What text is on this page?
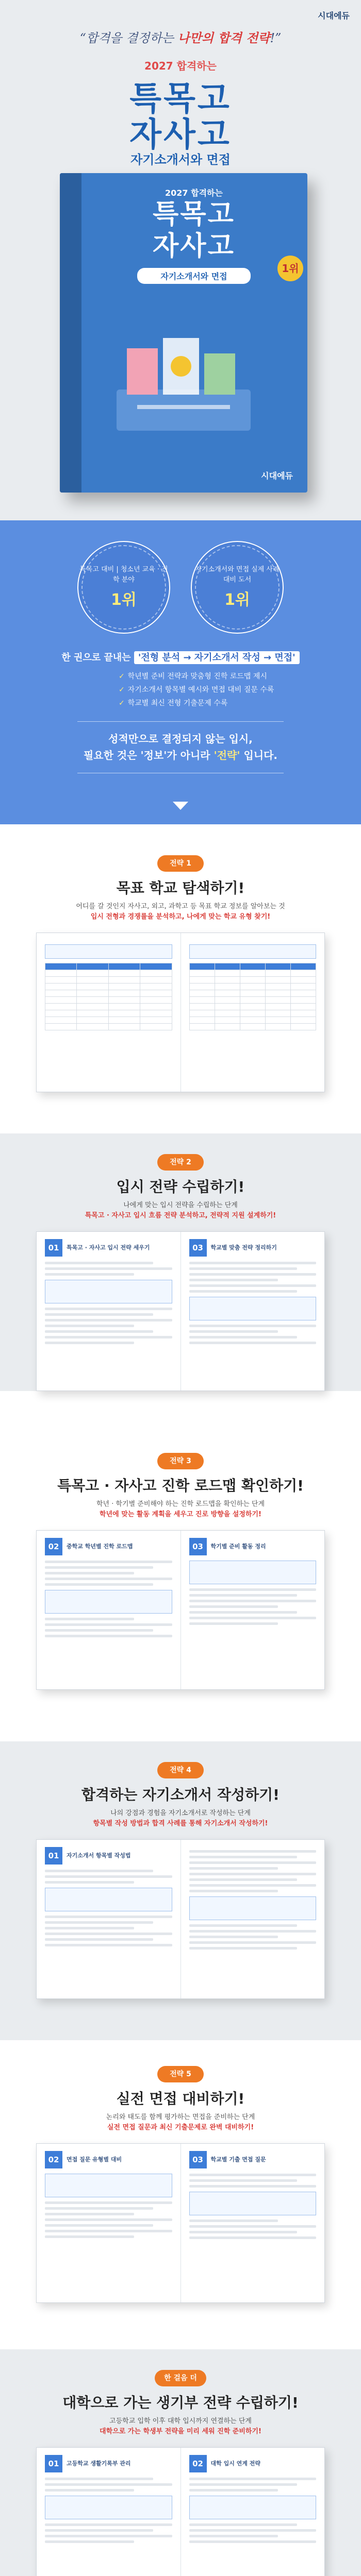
시대에듀
“합격을 결정하는 나만의 합격 전략!”
2027 합격하는
특목고
자사고
자기소개서와 면접
2027 합격하는
특목고
자사고
자기소개서와 면접
1위
시대에듀
특목고 대비 | 청소년 교육 · 진학 분야
1위
자기소개서와 면접 실제 사례 대비 도서
1위
한 권으로 끝내는 '전형 분석 → 자기소개서 작성 → 면접'
✓ 학년별 준비 전략과 맞춤형 진학 로드맵 제시
✓ 자기소개서 항목별 예시와 면접 대비 질문 수록
✓ 학교별 최신 전형 기출문제 수록
성적만으로 결정되지 않는 입시,
필요한 것은 '정보'가 아니라 '전략' 입니다.
전략 1
목표 학교 탐색하기!
어디를 갈 것인지 자사고, 외고, 과학고 등 목표 학교 정보를 알아보는 것
입시 전형과 경쟁률을 분석하고, 나에게 맞는 학교 유형 찾기!

전략 2
입시 전략 수립하기!
나에게 맞는 입시 전략을 수립하는 단계
특목고 · 자사고 입시 흐름 전략 분석하고, 전략적 지원 설계하기!
01	특목고 · 자사고 입시 전략 세우기	03	학교별 맞춤 전략 정리하기
전략 3
특목고 · 자사고 진학 로드맵 확인하기!
학년 · 학기별 준비해야 하는 진학 로드맵을 확인하는 단계
학년에 맞는 활동 계획을 세우고 진로 방향을 설정하기!
02	중학교 학년별 진학 로드맵	03	학기별 준비 활동 정리
전략 4
합격하는 자기소개서 작성하기!
나의 강점과 경험을 자기소개서로 작성하는 단계
항목별 작성 방법과 합격 사례를 통해 자기소개서 작성하기!
01	자기소개서 항목별 작성법
전략 5
실전 면접 대비하기!
논리와 태도를 함께 평가하는 면접을 준비하는 단계
실전 면접 질문과 최신 기출문제로 완벽 대비하기!
02	면접 질문 유형별 대비	03	학교별 기출 면접 질문
한 걸음 더
대학으로 가는 생기부 전략 수립하기!
고등학교 입학 이후 대학 입시까지 연결하는 단계
대학으로 가는 학생부 전략을 미리 세워 진학 준비하기!
01	고등학교 생활기록부 관리	02	대학 입시 연계 전략
